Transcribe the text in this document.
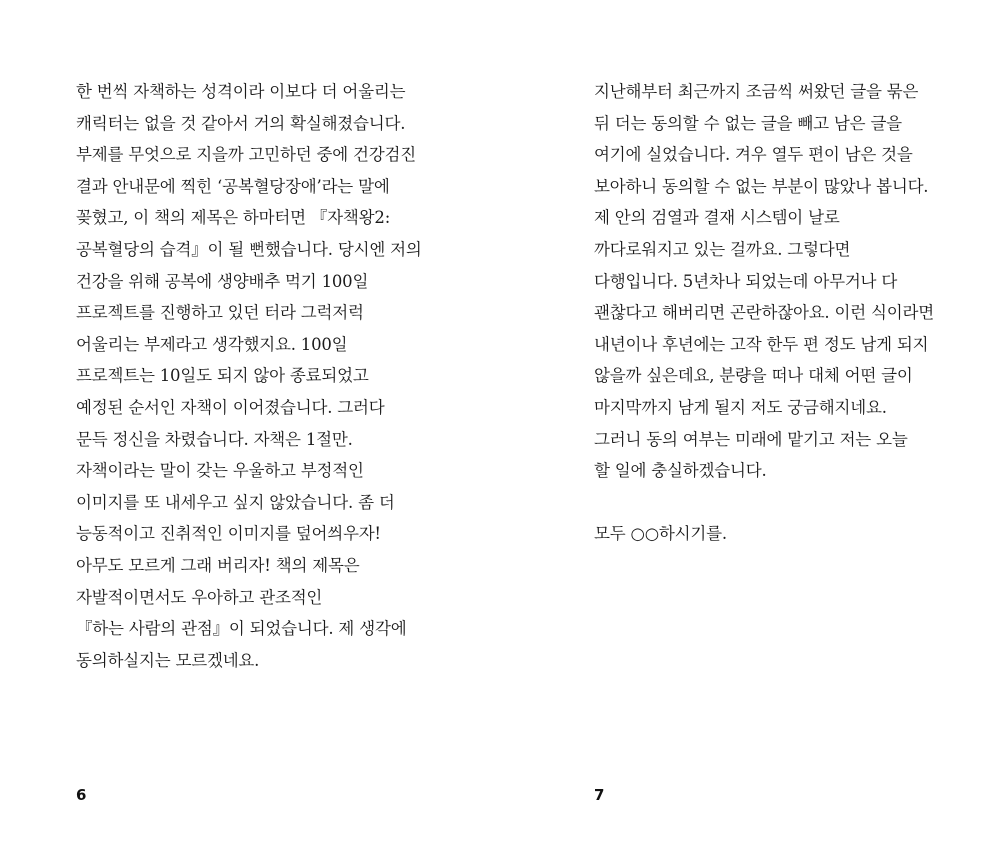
한 번씩 자책하는 성격이라 이보다 더 어울리는
캐릭터는 없을 것 같아서 거의 확실해졌습니다.
부제를 무엇으로 지을까 고민하던 중에 건강검진
결과 안내문에 찍힌 ‘공복혈당장애’라는 말에
꽂혔고, 이 책의 제목은 하마터면 『자책왕2:
공복혈당의 습격』이 될 뻔했습니다. 당시엔 저의
건강을 위해 공복에 생양배추 먹기 100일
프로젝트를 진행하고 있던 터라 그럭저럭
어울리는 부제라고 생각했지요. 100일
프로젝트는 10일도 되지 않아 종료되었고
예정된 순서인 자책이 이어졌습니다. 그러다
문득 정신을 차렸습니다. 자책은 1절만.
자책이라는 말이 갖는 우울하고 부정적인
이미지를 또 내세우고 싶지 않았습니다. 좀 더
능동적이고 진취적인 이미지를 덮어씌우자!
아무도 모르게 그래 버리자! 책의 제목은
자발적이면서도 우아하고 관조적인
『하는 사람의 관점』이 되었습니다. 제 생각에
동의하실지는 모르겠네요.
6
지난해부터 최근까지 조금씩 써왔던 글을 묶은
뒤 더는 동의할 수 없는 글을 빼고 남은 글을
여기에 실었습니다. 겨우 열두 편이 남은 것을
보아하니 동의할 수 없는 부분이 많았나 봅니다.
제 안의 검열과 결재 시스템이 날로
까다로워지고 있는 걸까요. 그렇다면
다행입니다. 5년차나 되었는데 아무거나 다
괜찮다고 해버리면 곤란하잖아요. 이런 식이라면
내년이나 후년에는 고작 한두 편 정도 남게 되지
않을까 싶은데요, 분량을 떠나 대체 어떤 글이
마지막까지 남게 될지 저도 궁금해지네요.
그러니 동의 여부는 미래에 맡기고 저는 오늘
할 일에 충실하겠습니다.
모두 ○○하시기를.
7
